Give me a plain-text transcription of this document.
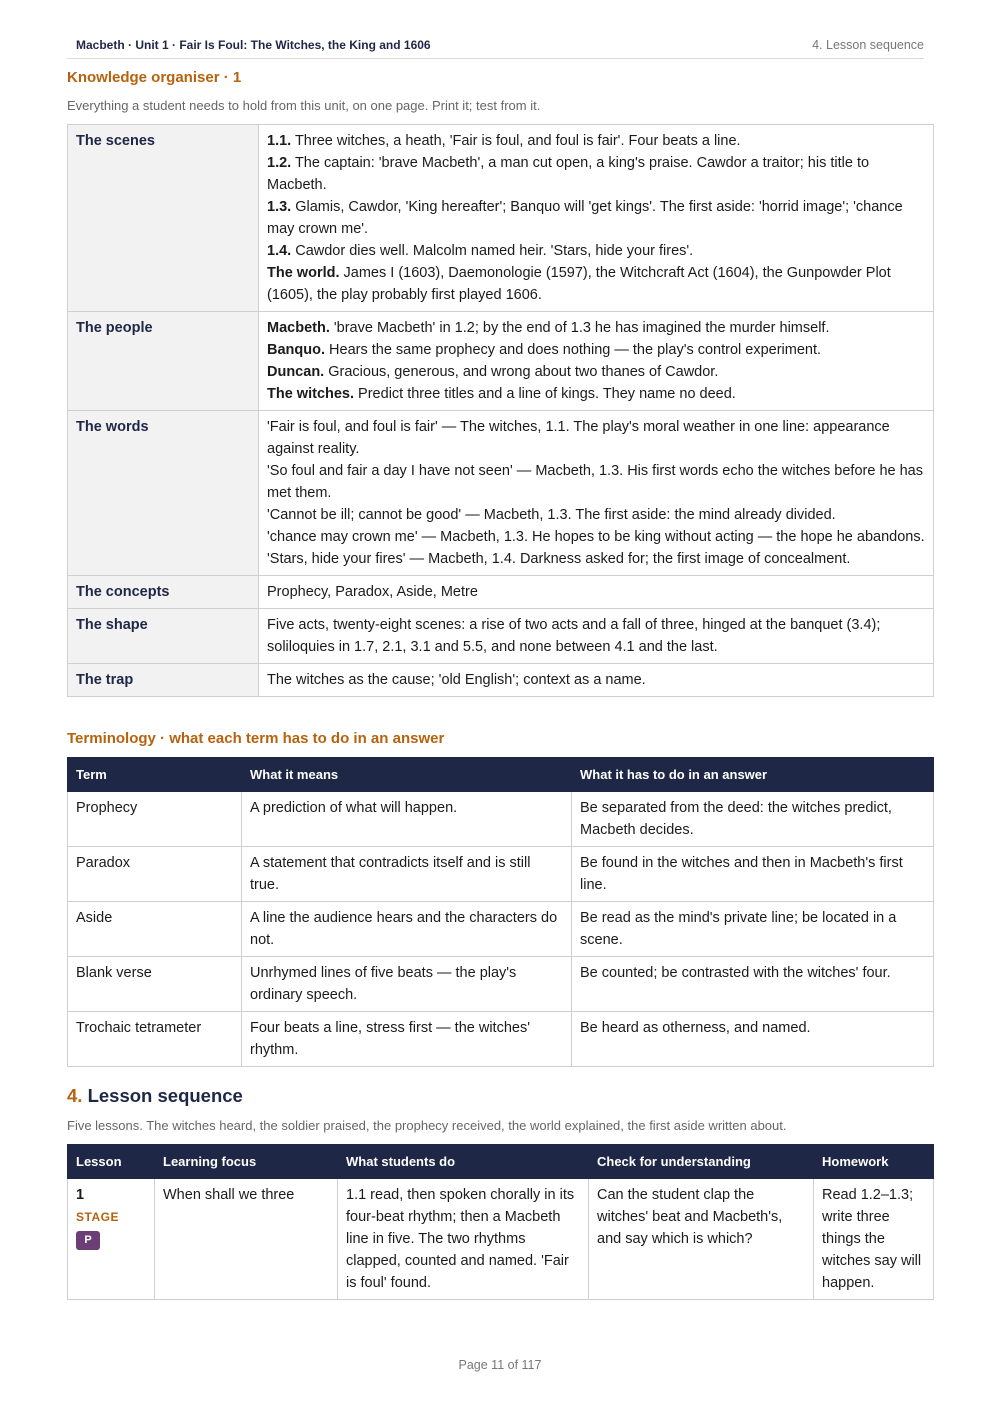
Macbeth · Unit 1 · Fair Is Foul: The Witches, the King and 1606	4. Lesson sequence
Knowledge organiser · 1

Everything a student needs to hold from this unit, on one page. Print it; test from it.

The scenes	1.1. Three witches, a heath, 'Fair is foul, and foul is fair'. Four beats a line.
1.2. The captain: 'brave Macbeth', a man cut open, a king's praise. Cawdor a traitor; his title to Macbeth.
1.3. Glamis, Cawdor, 'King hereafter'; Banquo will 'get kings'. The first aside: 'horrid image'; 'chance may crown me'.
1.4. Cawdor dies well. Malcolm named heir. 'Stars, hide your fires'.
The world. James I (1603), Daemonologie (1597), the Witchcraft Act (1604), the Gunpowder Plot (1605), the play probably first played 1606.

The people	Macbeth. 'brave Macbeth' in 1.2; by the end of 1.3 he has imagined the murder himself.
Banquo. Hears the same prophecy and does nothing — the play's control experiment.
Duncan. Gracious, generous, and wrong about two thanes of Cawdor.
The witches. Predict three titles and a line of kings. They name no deed.

The words	'Fair is foul, and foul is fair' — The witches, 1.1. The play's moral weather in one line: appearance against reality.
'So foul and fair a day I have not seen' — Macbeth, 1.3. His first words echo the witches before he has met them.
'Cannot be ill; cannot be good' — Macbeth, 1.3. The first aside: the mind already divided.
'chance may crown me' — Macbeth, 1.3. He hopes to be king without acting — the hope he abandons.
'Stars, hide your fires' — Macbeth, 1.4. Darkness asked for; the first image of concealment.

The concepts	Prophecy, Paradox, Aside, Metre

The shape	Five acts, twenty-eight scenes: a rise of two acts and a fall of three, hinged at the banquet (3.4); soliloquies in 1.7, 2.1, 3.1 and 5.5, and none between 4.1 and the last.

The trap	The witches as the cause; 'old English'; context as a name.
Terminology · what each term has to do in an answer
Term	What it means	What it has to do in an answer
Prophecy	A prediction of what will happen.	Be separated from the deed: the witches predict, Macbeth decides.
Paradox	A statement that contradicts itself and is still true.	Be found in the witches and then in Macbeth's first line.
Aside	A line the audience hears and the characters do not.	Be read as the mind's private line; be located in a scene.
Blank verse	Unrhymed lines of five beats — the play's ordinary speech.	Be counted; be contrasted with the witches' four.
Trochaic tetrameter	Four beats a line, stress first — the witches' rhythm.	Be heard as otherness, and named.
4. Lesson sequence

Five lessons. The witches heard, the soldier praised, the prophecy received, the world explained, the first aside written about.

Lesson	Learning focus	What students do	Check for understanding	Homework

1
STAGE
P	When shall we three	1.1 read, then spoken chorally in its four-beat rhythm; then a Macbeth line in five. The two rhythms clapped, counted and named. 'Fair is foul' found.	Can the student clap the witches' beat and Macbeth's, and say which is which?	Read 1.2–1.3; write three things the witches say will happen.
Page 11 of 117
